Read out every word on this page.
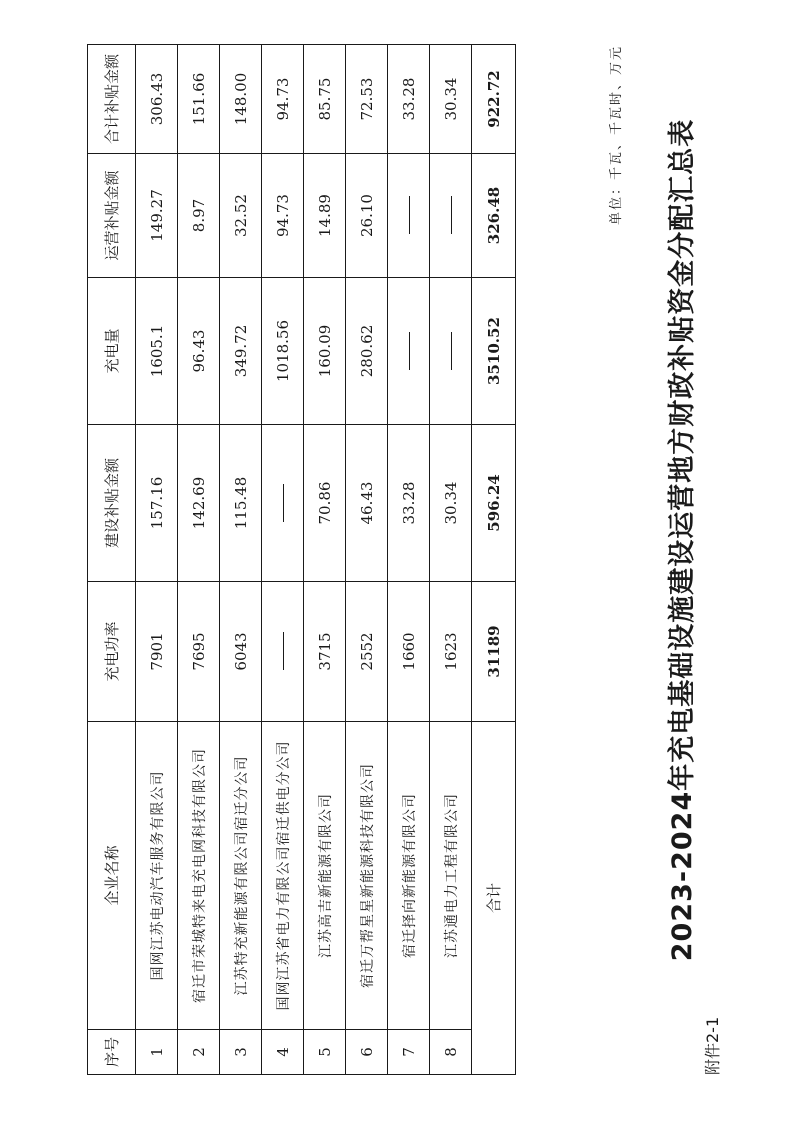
附件2-1
2023-2024年充电基础设施建设运营地方财政补贴资金分配汇总表
单位：千瓦、千瓦时、万元
序号	企业名称	充电功率	建设补贴金额	充电量	运营补贴金额	合计补贴金额
1	国网江苏电动汽车服务有限公司	7901	157.16	1605.1	149.27	306.43
2	宿迁市荣城特来电充电网科技有限公司	7695	142.69	96.43	8.97	151.66
3	江苏特充新能源有限公司宿迁分公司	6043	115.48	349.72	32.52	148.00
4	国网江苏省电力有限公司宿迁供电分公司			1018.56	94.73	94.73
5	江苏高吉新能源有限公司	3715	70.86	160.09	14.89	85.75
6	宿迁万帮星星新能源科技有限公司	2552	46.43	280.62	26.10	72.53
7	宿迁择向新能源有限公司	1660	33.28			33.28
8	江苏通电力工程有限公司	1623	30.34			30.34
合计		31189	596.24	3510.52	326.48	922.72
